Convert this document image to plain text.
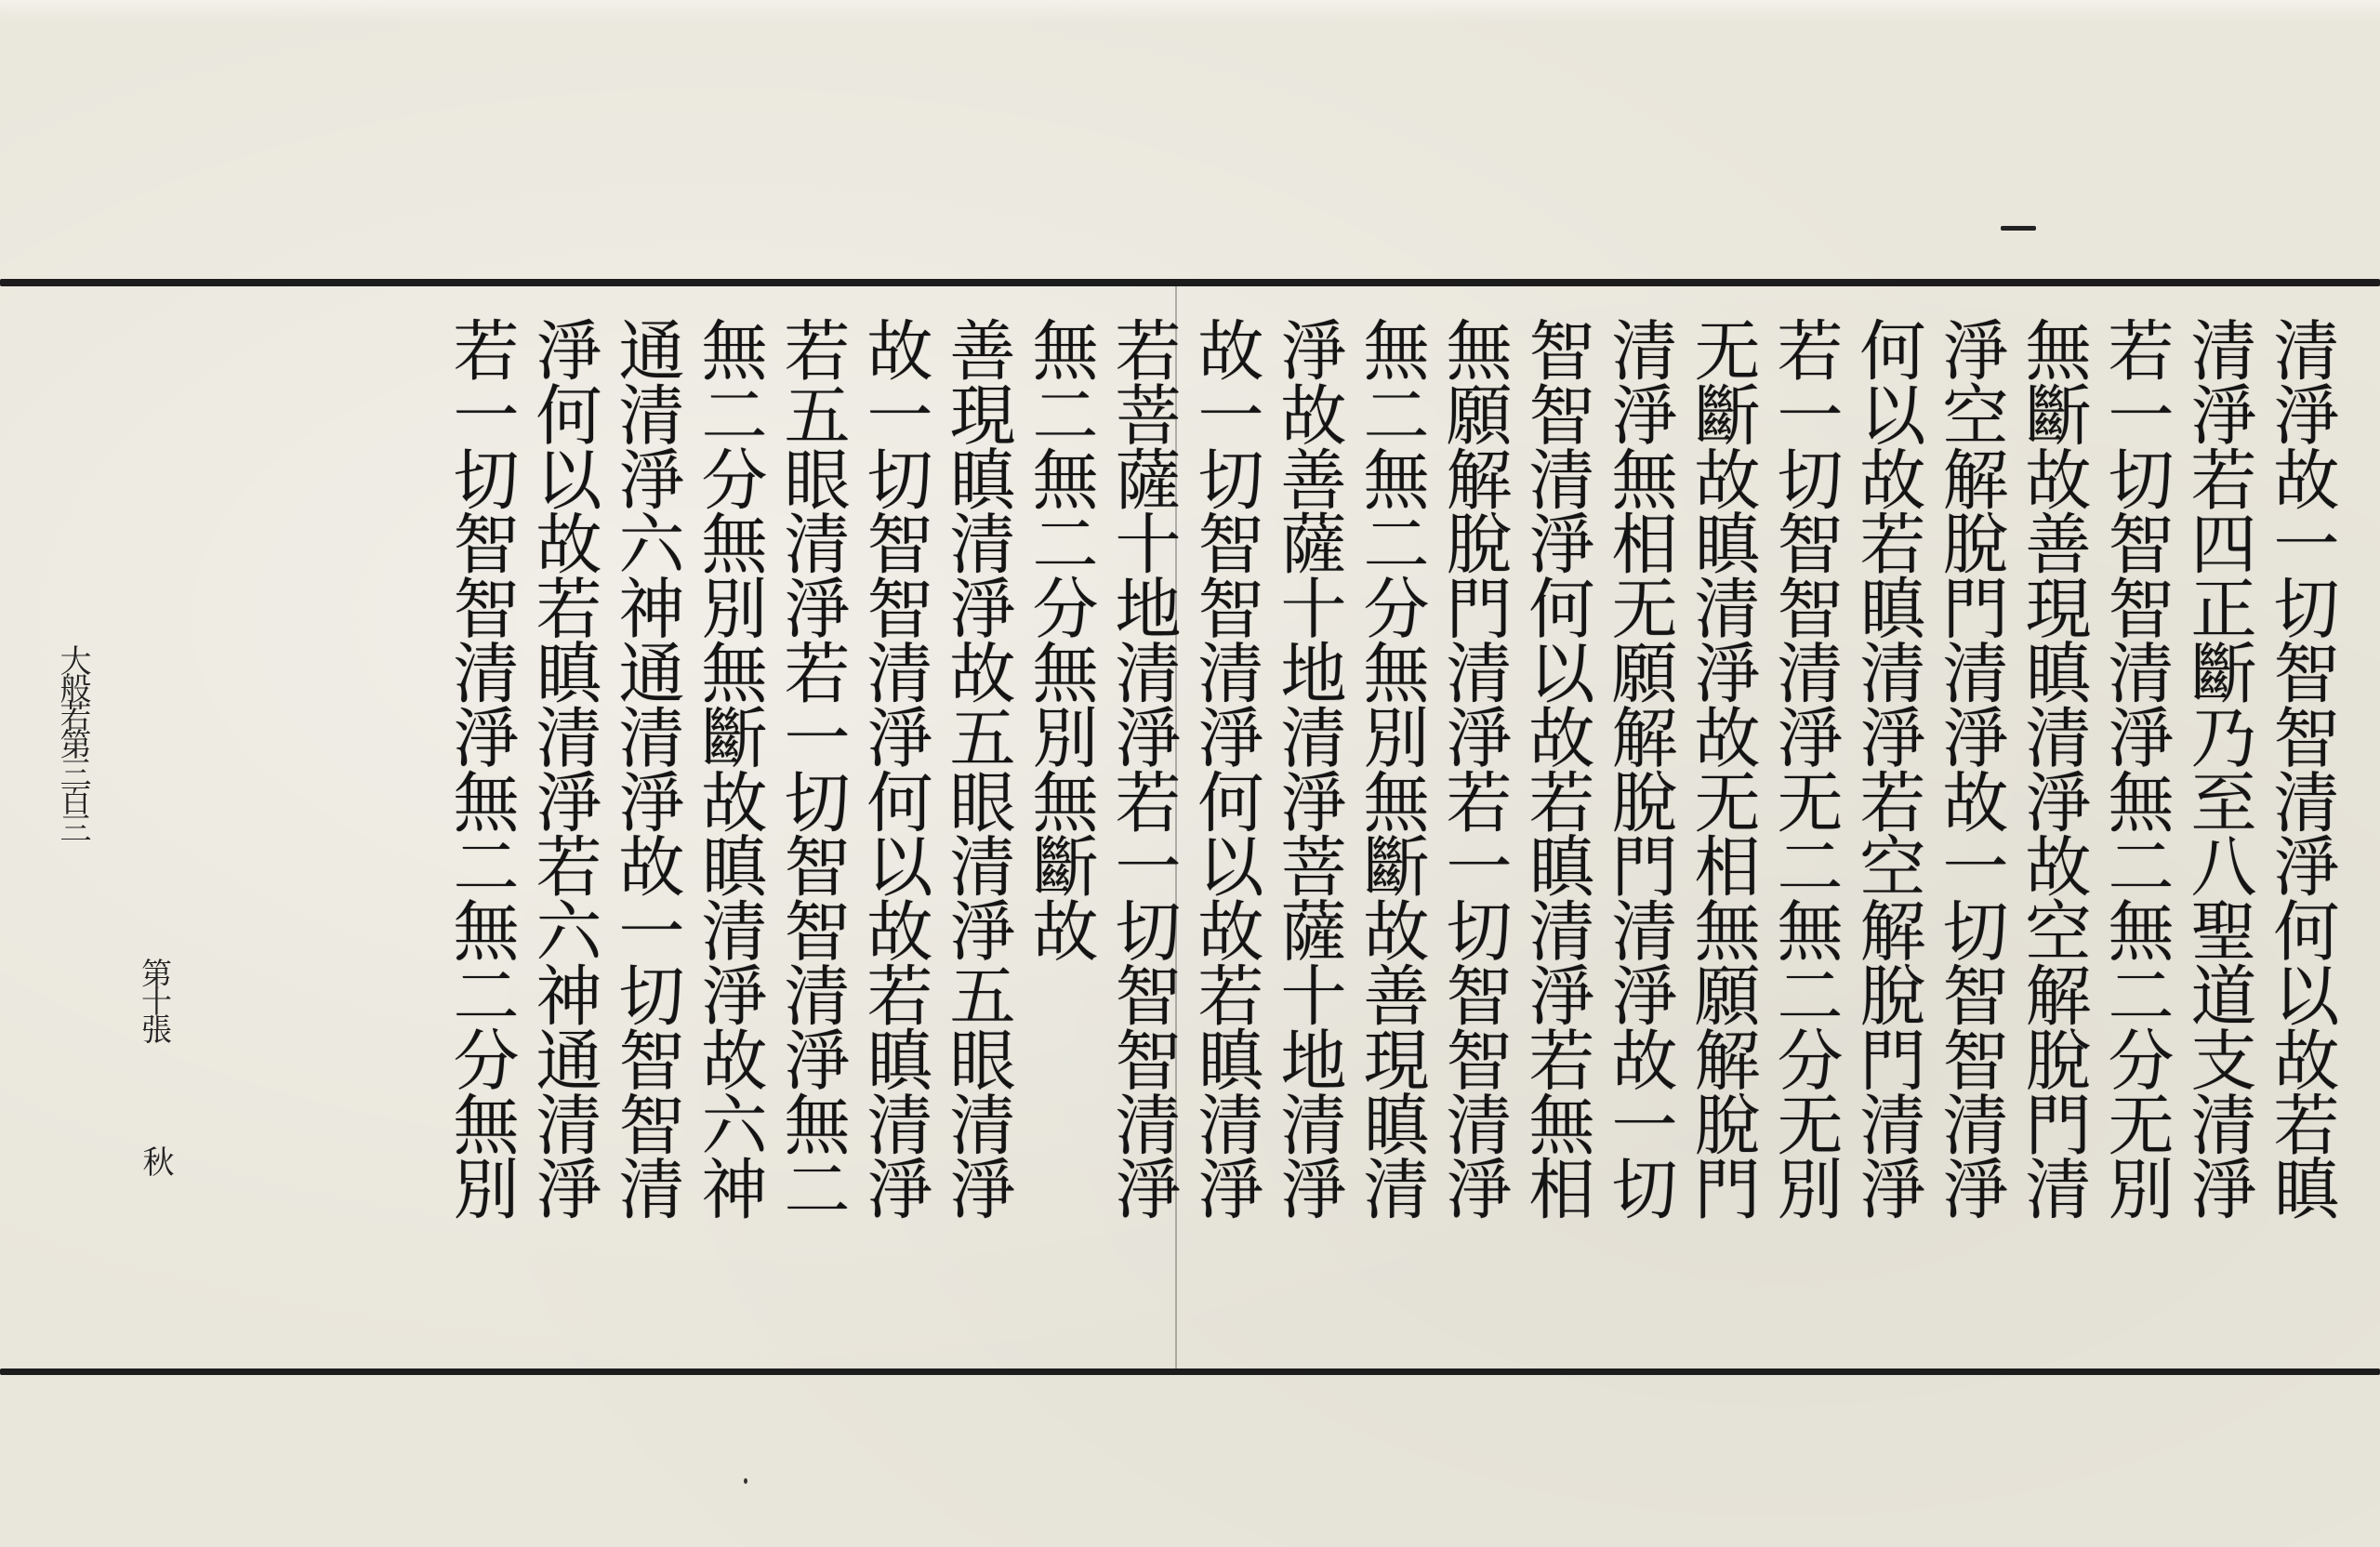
清淨故一切智智清淨何以故若瞋
清淨若四正斷乃至八聖道支清淨
若一切智智清淨無二無二分无別
無斷故善現瞋清淨故空解脫門清
淨空解脫門清淨故一切智智清淨
何以故若瞋清淨若空解脫門清淨
若一切智智清淨无二無二分无別
无斷故瞋清淨故无相無願解脫門
清淨無相无願解脫門清淨故一切
智智清淨何以故若瞋清淨若無相
無願解脫門清淨若一切智智清淨
無二無二分無別無斷故善現瞋清
淨故善薩十地清淨菩薩十地清淨
故一切智智清淨何以故若瞋清淨
若菩薩十地清淨若一切智智清淨
無二無二分無別無斷故
善現瞋清淨故五眼清淨五眼清淨
故一切智智清淨何以故若瞋清淨
若五眼清淨若一切智智清淨無二
無二分無別無斷故瞋清淨故六神
通清淨六神通清淨故一切智智清
淨何以故若瞋清淨若六神通清淨
若一切智智清淨無二無二分無別
大般若第三百三
第十張
秋
